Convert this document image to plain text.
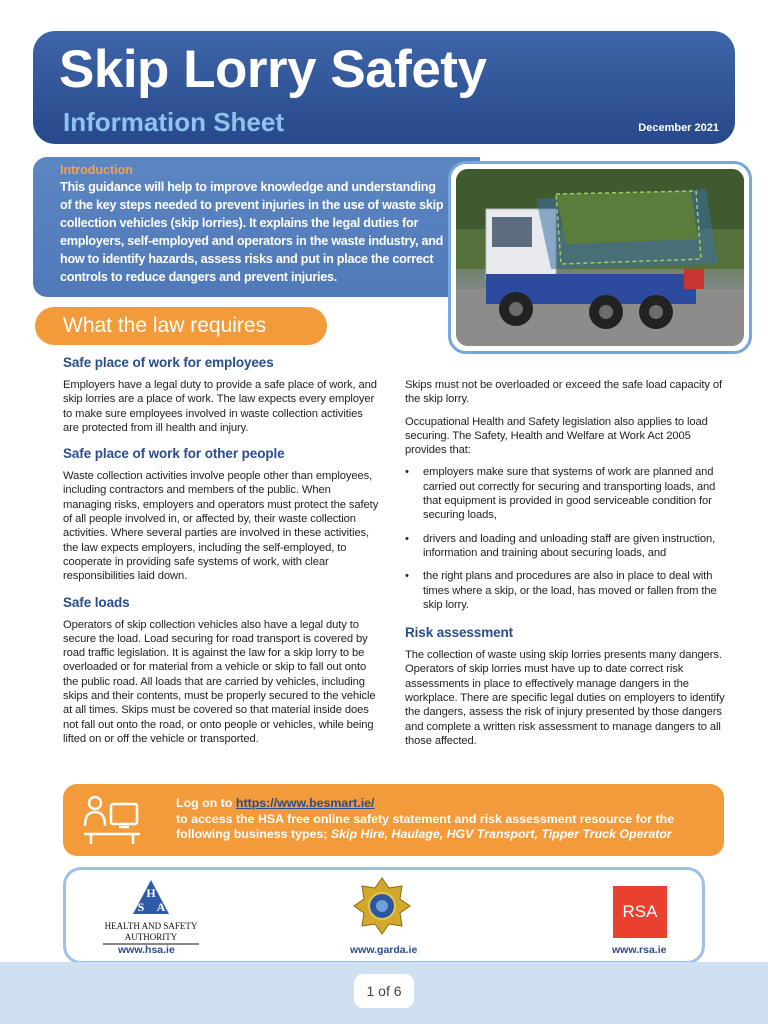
Skip Lorry Safety
Information Sheet	December 2021
Introduction
This guidance will help to improve knowledge and understanding of the key steps needed to prevent injuries in the use of waste skip collection vehicles (skip lorries). It explains the legal duties for employers, self-employed and operators in the waste industry, and how to identify hazards, assess risks and put in place the correct controls to reduce dangers and prevent injuries.
What the law requires
Safe place of work for employees
Employers have a legal duty to provide a safe place of work, and skip lorries are a place of work. The law expects every employer to make sure employees involved in waste collection activities are protected from ill health and injury.
Safe place of work for other people
Waste collection activities involve people other than employees, including contractors and members of the public. When managing risks, employers and operators must protect the safety of all people involved in, or affected by, their waste collection activities. Where several parties are involved in these activities, the law expects employers, including the self-employed, to cooperate in providing safe systems of work, with clear responsibilities laid down.
Safe loads
Operators of skip collection vehicles also have a legal duty to secure the load. Load securing for road transport is covered by road traffic legislation. It is against the law for a skip lorry to be overloaded or for material from a vehicle or skip to fall out onto the public road. All loads that are carried by vehicles, including skips and their contents, must be properly secured to the vehicle at all times. Skips must be covered so that material inside does not fall out onto the road, or onto people or vehicles, while being lifted on or off the vehicle or transported.
Skips must not be overloaded or exceed the safe load capacity of the skip lorry.
Occupational Health and Safety legislation also applies to load securing. The Safety, Health and Welfare at Work Act 2005 provides that:
• employers make sure that systems of work are planned and carried out correctly for securing and transporting loads, and that equipment is provided in good serviceable condition for securing loads,
• drivers and loading and unloading staff are given instruction, information and training about securing loads, and
• the right plans and procedures are also in place to deal with times where a skip, or the load, has moved or fallen from the skip lorry.
Risk assessment
The collection of waste using skip lorries presents many dangers. Operators of skip lorries must have up to date correct risk assessments in place to effectively manage dangers in the workplace. There are specific legal duties on employers to identify the dangers, assess the risk of injury presented by those dangers and complete a written risk assessment to manage dangers to all those affected.
Log on to https://www.besmart.ie/
to access the HSA free online safety statement and risk assessment resource for the
following business types; Skip Hire, Haulage, HGV Transport, Tipper Truck Operator
H
S A
HEALTH AND SAFETY
AUTHORITY
www.hsa.ie	www.garda.ie
RSA
www.rsa.ie
1 of 6
